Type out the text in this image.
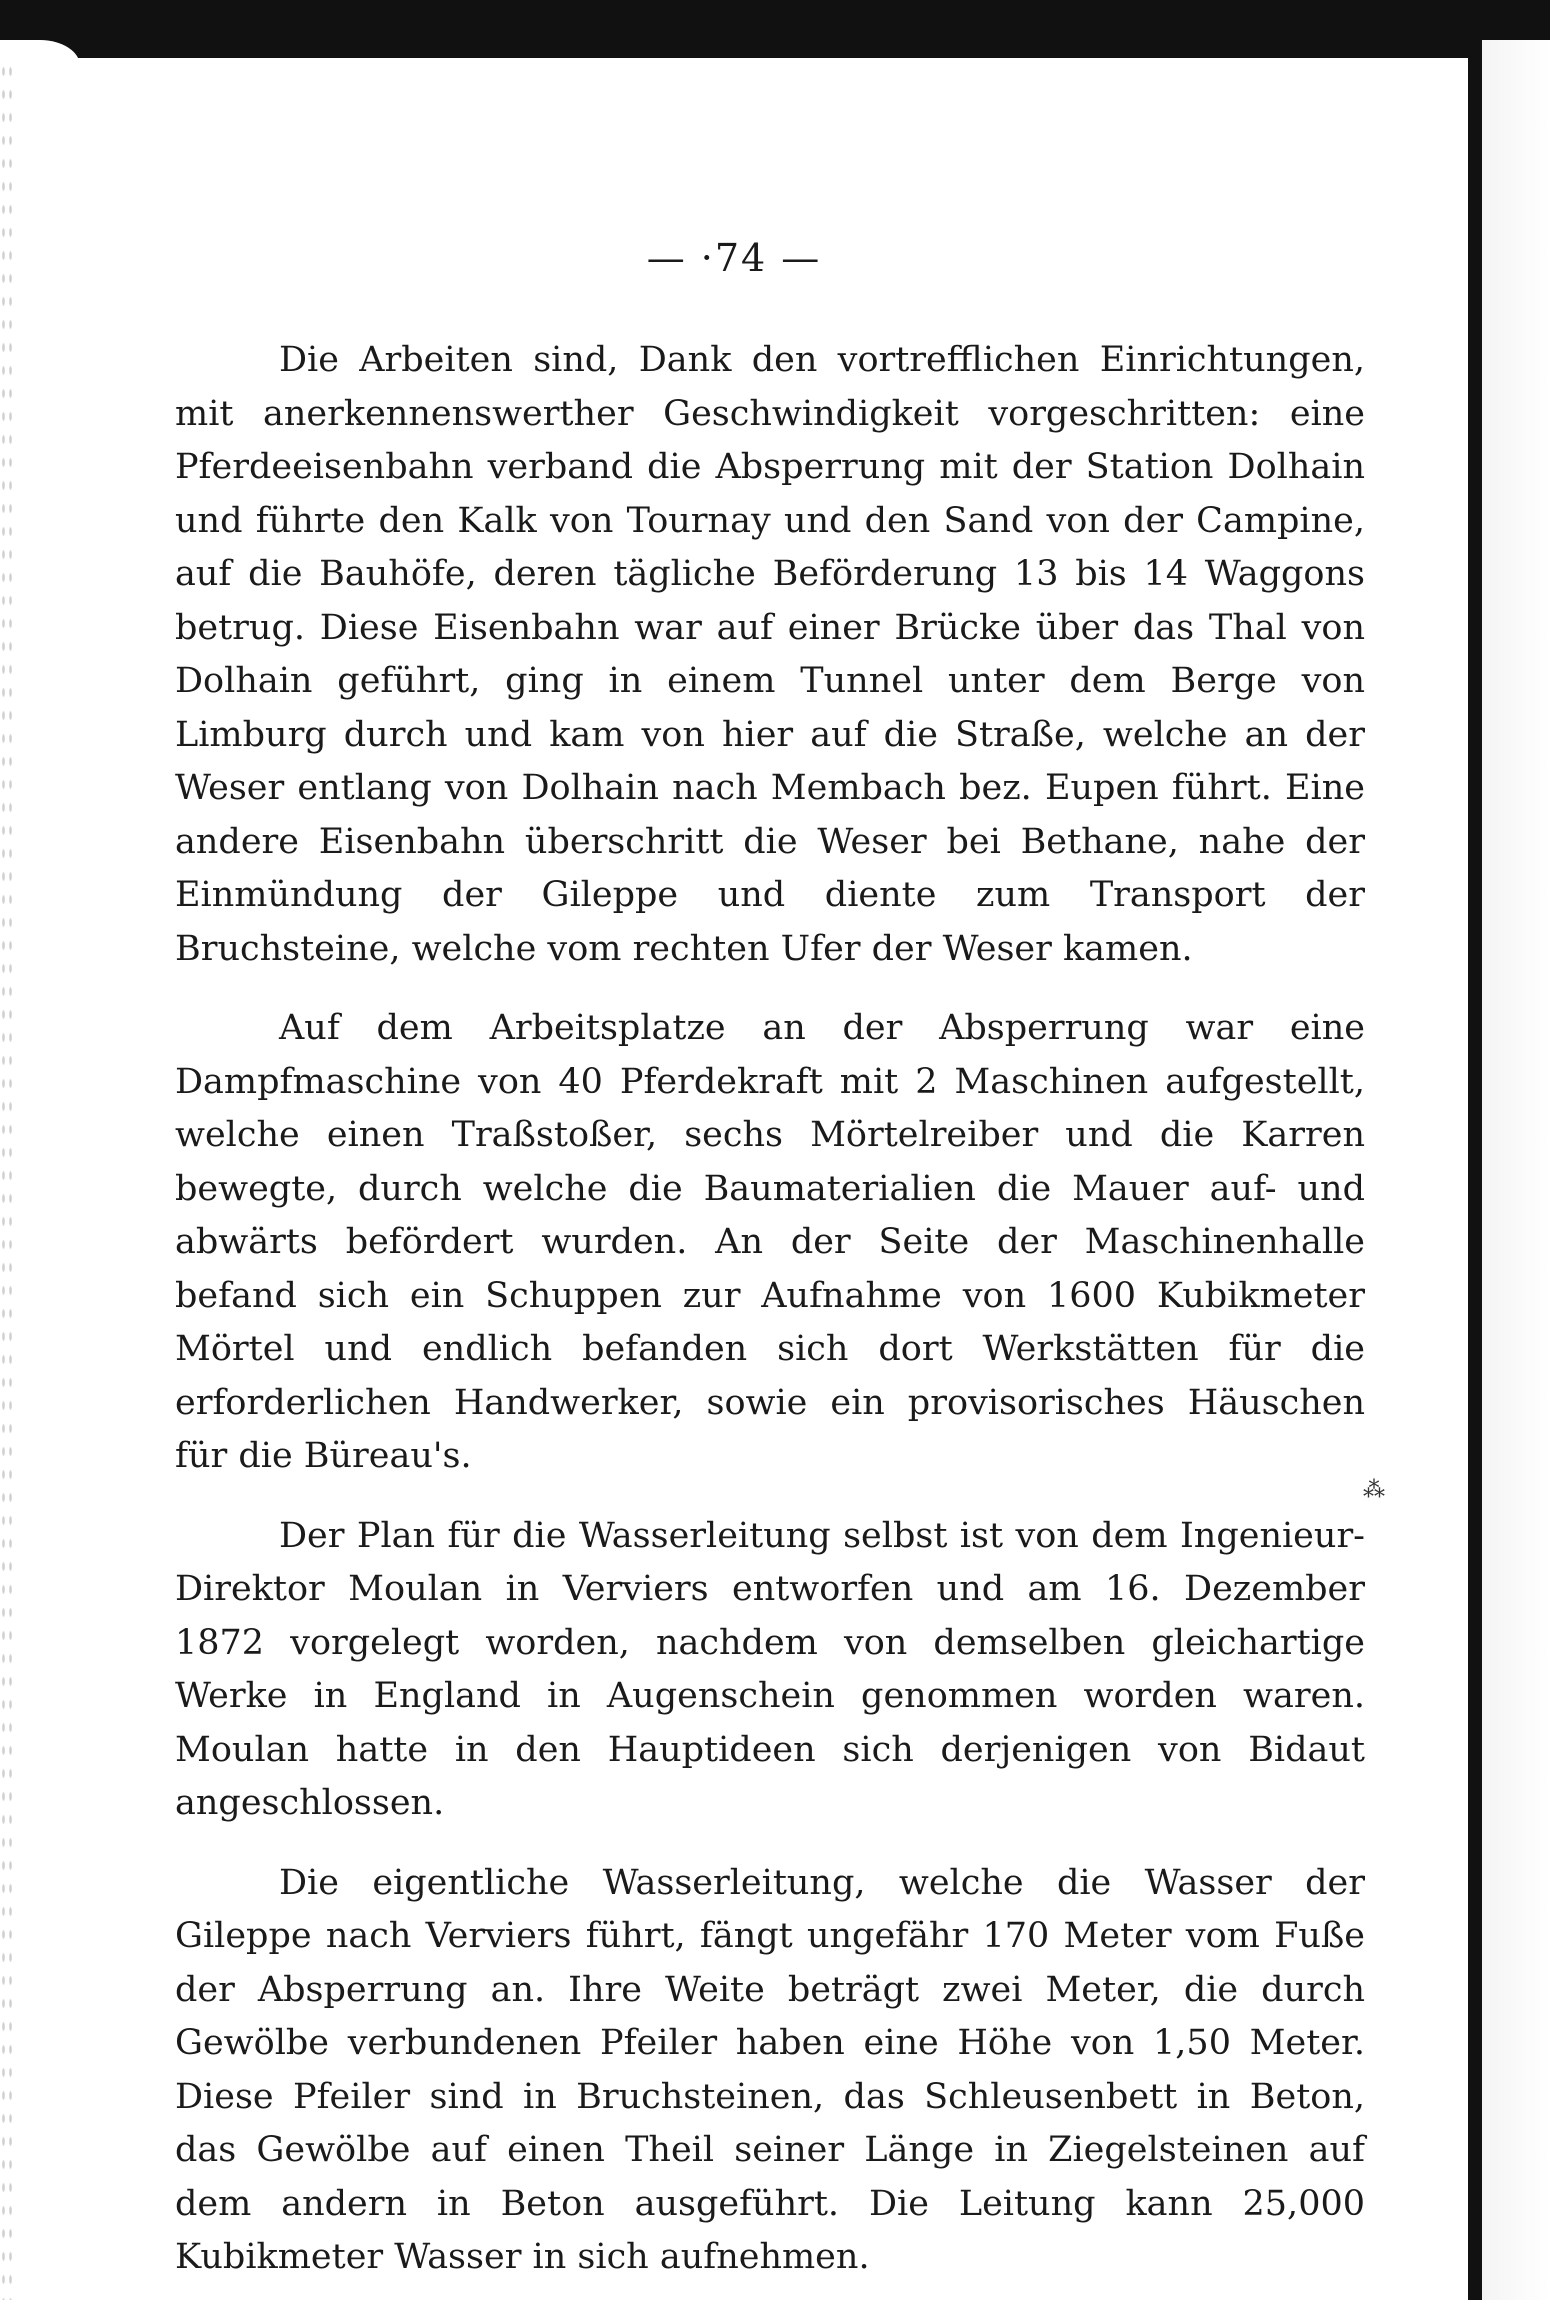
— ·74 —

Die Arbeiten sind, Dank den vortrefflichen Einrichtungen, mit anerkennenswerther Geschwindigkeit vorgeschritten: eine Pferdeeisenbahn verband die Absperrung mit der Station Dolhain und führte den Kalk von Tournay und den Sand von der Campine, auf die Bauhöfe, deren tägliche Beförderung 13 bis 14 Waggons betrug. Diese Eisenbahn war auf einer Brücke über das Thal von Dolhain geführt, ging in einem Tunnel unter dem Berge von Limburg durch und kam von hier auf die Straße, welche an der Weser entlang von Dolhain nach Membach bez. Eupen führt. Eine andere Eisenbahn überschritt die Weser bei Bethane, nahe der Einmündung der Gileppe und diente zum Transport der Bruchsteine, welche vom rechten Ufer der Weser kamen.

Auf dem Arbeitsplatze an der Absperrung war eine Dampfmaschine von 40 Pferdekraft mit 2 Maschinen aufgestellt, welche einen Traßstoßer, sechs Mörtelreiber und die Karren bewegte, durch welche die Baumaterialien die Mauer auf- und abwärts befördert wurden. An der Seite der Maschinenhalle befand sich ein Schuppen zur Aufnahme von 1600 Kubikmeter Mörtel und endlich befanden sich dort Werkstätten für die erforderlichen Handwerker, sowie ein provisorisches Häuschen für die Büreau's.

Der Plan für die Wasserleitung selbst ist von dem Ingenieur-Direktor Moulan in Verviers entworfen und am 16. Dezember 1872 vorgelegt worden, nachdem von demselben gleichartige Werke in England in Augenschein genommen worden waren. Moulan hatte in den Hauptideen sich derjenigen von Bidaut angeschlossen.

Die eigentliche Wasserleitung, welche die Wasser der Gileppe nach Verviers führt, fängt ungefähr 170 Meter vom Fuße der Absperrung an. Ihre Weite beträgt zwei Meter, die durch Gewölbe verbundenen Pfeiler haben eine Höhe von 1,50 Meter. Diese Pfeiler sind in Bruchsteinen, das Schleusenbett in Beton, das Gewölbe auf einen Theil seiner Länge in Ziegelsteinen auf dem andern in Beton ausgeführt. Die Leitung kann 25,000 Kubikmeter Wasser in sich aufnehmen.

⁂
